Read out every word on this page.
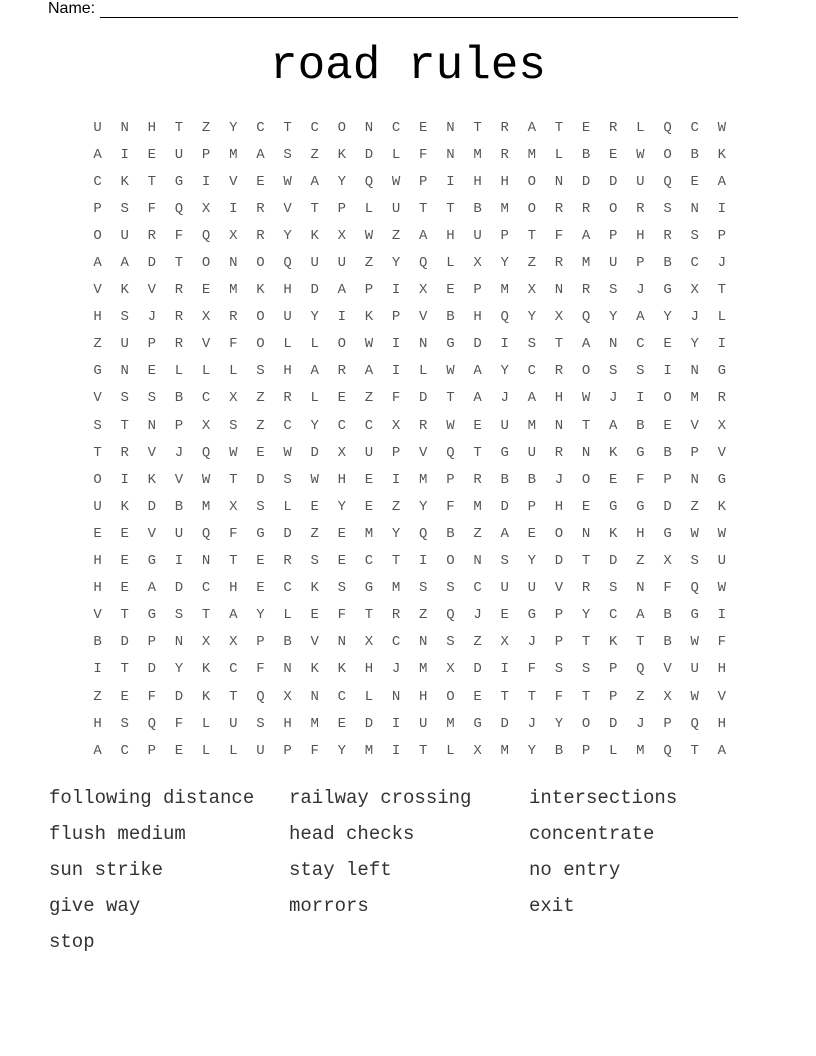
Name:
road rules
U	N	H	T	Z	Y	C	T	C	O	N	C	E	N	T	R	A	T	E	R	L	Q	C	W
A	I	E	U	P	M	A	S	Z	K	D	L	F	N	M	R	M	L	B	E	W	O	B	K
C	K	T	G	I	V	E	W	A	Y	Q	W	P	I	H	H	O	N	D	D	U	Q	E	A
P	S	F	Q	X	I	R	V	T	P	L	U	T	T	B	M	O	R	R	O	R	S	N	I
O	U	R	F	Q	X	R	Y	K	X	W	Z	A	H	U	P	T	F	A	P	H	R	S	P
A	A	D	T	O	N	O	Q	U	U	Z	Y	Q	L	X	Y	Z	R	M	U	P	B	C	J
V	K	V	R	E	M	K	H	D	A	P	I	X	E	P	M	X	N	R	S	J	G	X	T
H	S	J	R	X	R	O	U	Y	I	K	P	V	B	H	Q	Y	X	Q	Y	A	Y	J	L
Z	U	P	R	V	F	O	L	L	O	W	I	N	G	D	I	S	T	A	N	C	E	Y	I
G	N	E	L	L	L	S	H	A	R	A	I	L	W	A	Y	C	R	O	S	S	I	N	G
V	S	S	B	C	X	Z	R	L	E	Z	F	D	T	A	J	A	H	W	J	I	O	M	R
S	T	N	P	X	S	Z	C	Y	C	C	X	R	W	E	U	M	N	T	A	B	E	V	X
T	R	V	J	Q	W	E	W	D	X	U	P	V	Q	T	G	U	R	N	K	G	B	P	V
O	I	K	V	W	T	D	S	W	H	E	I	M	P	R	B	B	J	O	E	F	P	N	G
U	K	D	B	M	X	S	L	E	Y	E	Z	Y	F	M	D	P	H	E	G	G	D	Z	K
E	E	V	U	Q	F	G	D	Z	E	M	Y	Q	B	Z	A	E	O	N	K	H	G	W	W
H	E	G	I	N	T	E	R	S	E	C	T	I	O	N	S	Y	D	T	D	Z	X	S	U
H	E	A	D	C	H	E	C	K	S	G	M	S	S	C	U	U	V	R	S	N	F	Q	W
V	T	G	S	T	A	Y	L	E	F	T	R	Z	Q	J	E	G	P	Y	C	A	B	G	I
B	D	P	N	X	X	P	B	V	N	X	C	N	S	Z	X	J	P	T	K	T	B	W	F
I	T	D	Y	K	C	F	N	K	K	H	J	M	X	D	I	F	S	S	P	Q	V	U	H
Z	E	F	D	K	T	Q	X	N	C	L	N	H	O	E	T	T	F	T	P	Z	X	W	V
H	S	Q	F	L	U	S	H	M	E	D	I	U	M	G	D	J	Y	O	D	J	P	Q	H
A	C	P	E	L	L	U	P	F	Y	M	I	T	L	X	M	Y	B	P	L	M	Q	T	A
following distance	railway crossing	intersections
flush medium	head checks	concentrate
sun strike	stay left	no entry
give way	morrors	exit
stop
